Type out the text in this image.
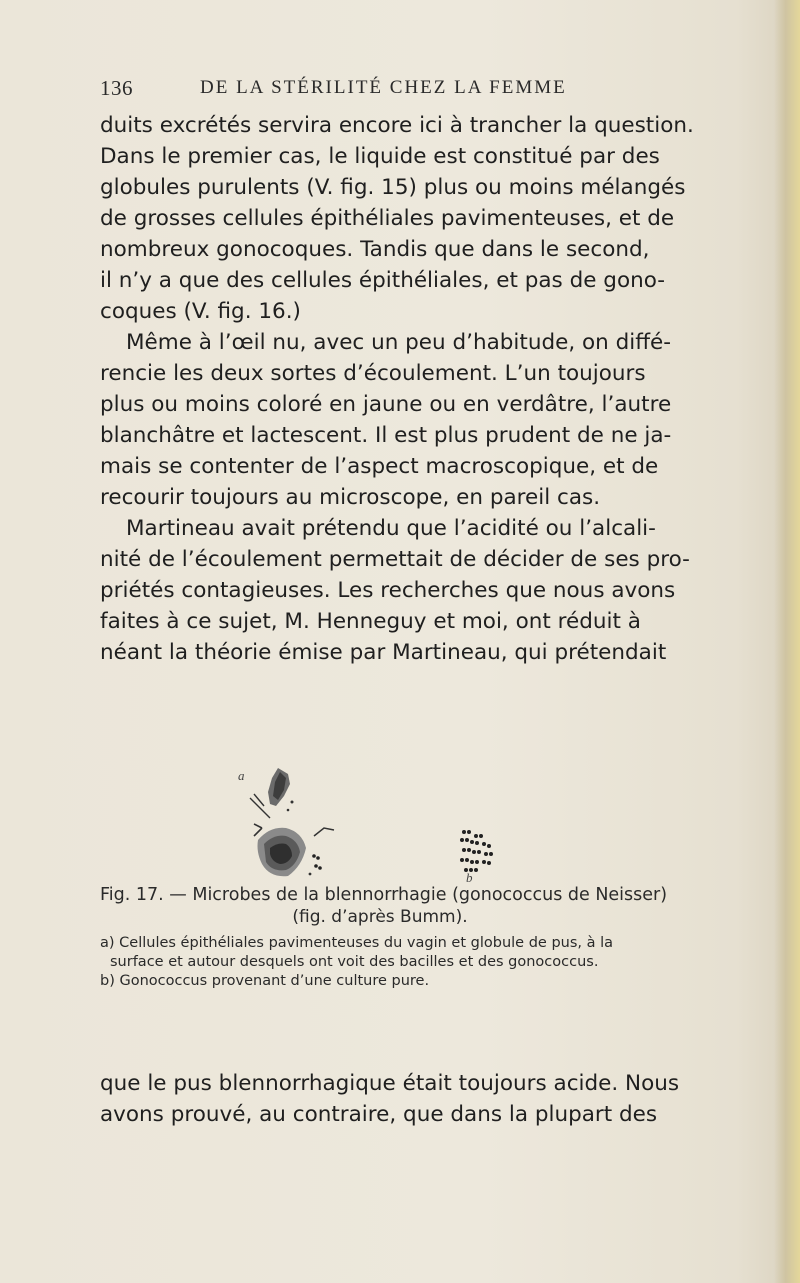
136	DE LA STÉRILITÉ CHEZ LA FEMME
duits excrétés servira encore ici à trancher la question.
Dans le premier cas, le liquide est constitué par des
globules purulents (V. fig. 15) plus ou moins mélangés
de grosses cellules épithéliales pavimenteuses, et de
nombreux gonocoques. Tandis que dans le second,
il n’y a que des cellules épithéliales, et pas de gono-
coques (V. fig. 16.)
Même à l’œil nu, avec un peu d’habitude, on diffé-
rencie les deux sortes d’écoulement. L’un toujours
plus ou moins coloré en jaune ou en verdâtre, l’autre
blanchâtre et lactescent. Il est plus prudent de ne ja-
mais se contenter de l’aspect macroscopique, et de
recourir toujours au microscope, en pareil cas.
Martineau avait prétendu que l’acidité ou l’alcali-
nité de l’écoulement permettait de décider de ses pro-
priétés contagieuses. Les recherches que nous avons
faites à ce sujet, M. Henneguy et moi, ont réduit à
néant la théorie émise par Martineau, qui prétendait
a
b
Fig. 17. — Microbes de la blennorrhagie (gonococcus de Neisser)
(fig. d’après Bumm).
a) Cellules épithéliales pavimenteuses du vagin et globule de pus, à la
surface et autour desquels ont voit des bacilles et des gonococcus.
b) Gonococcus provenant d’une culture pure.
que le pus blennorrhagique était toujours acide. Nous
avons prouvé, au contraire, que dans la plupart des
